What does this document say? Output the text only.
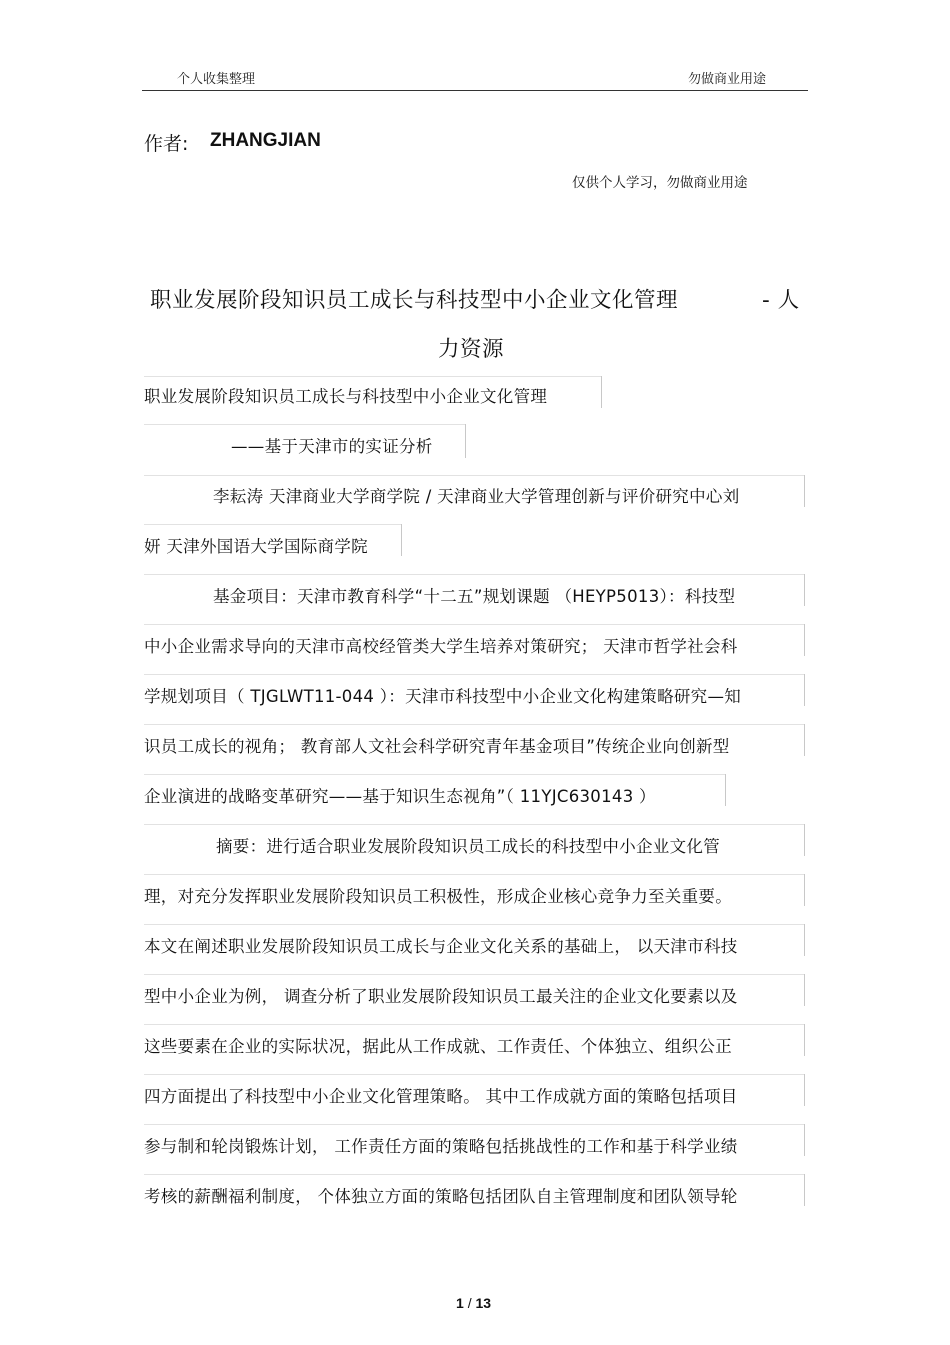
个人收集整理	勿做商业用途
作者: ZHANGJIAN
仅供个人学习，勿做商业用途
职业发展阶段知识员工成长与科技型中小企业文化管理	- 人
力资源
职业发展阶段知识员工成长与科技型中小企业文化管理
——基于天津市的实证分析
李耘涛 天津商业大学商学院 / 天津商业大学管理创新与评价研究中心刘
妍 天津外国语大学国际商学院
基金项目：天津市教育科学“十二五”规划课题 （HEYP5013）：科技型
中小企业需求导向的天津市高校经管类大学生培养对策研究； 天津市哲学社会科
学规划项目（ TJGLWT11-044 ）：天津市科技型中小企业文化构建策略研究—知
识员工成长的视角； 教育部人文社会科学研究青年基金项目”传统企业向创新型
企业演进的战略变革研究——基于知识生态视角”（ 11YJC630143 ）
摘要：进行适合职业发展阶段知识员工成长的科技型中小企业文化管
理，对充分发挥职业发展阶段知识员工积极性，形成企业核心竞争力至关重要。
本文在阐述职业发展阶段知识员工成长与企业文化关系的基础上， 以天津市科技
型中小企业为例， 调查分析了职业发展阶段知识员工最关注的企业文化要素以及
这些要素在企业的实际状况，据此从工作成就、工作责任、个体独立、组织公正
四方面提出了科技型中小企业文化管理策略。 其中工作成就方面的策略包括项目
参与制和轮岗锻炼计划， 工作责任方面的策略包括挑战性的工作和基于科学业绩
考核的薪酬福利制度， 个体独立方面的策略包括团队自主管理制度和团队领导轮
1 / 13
